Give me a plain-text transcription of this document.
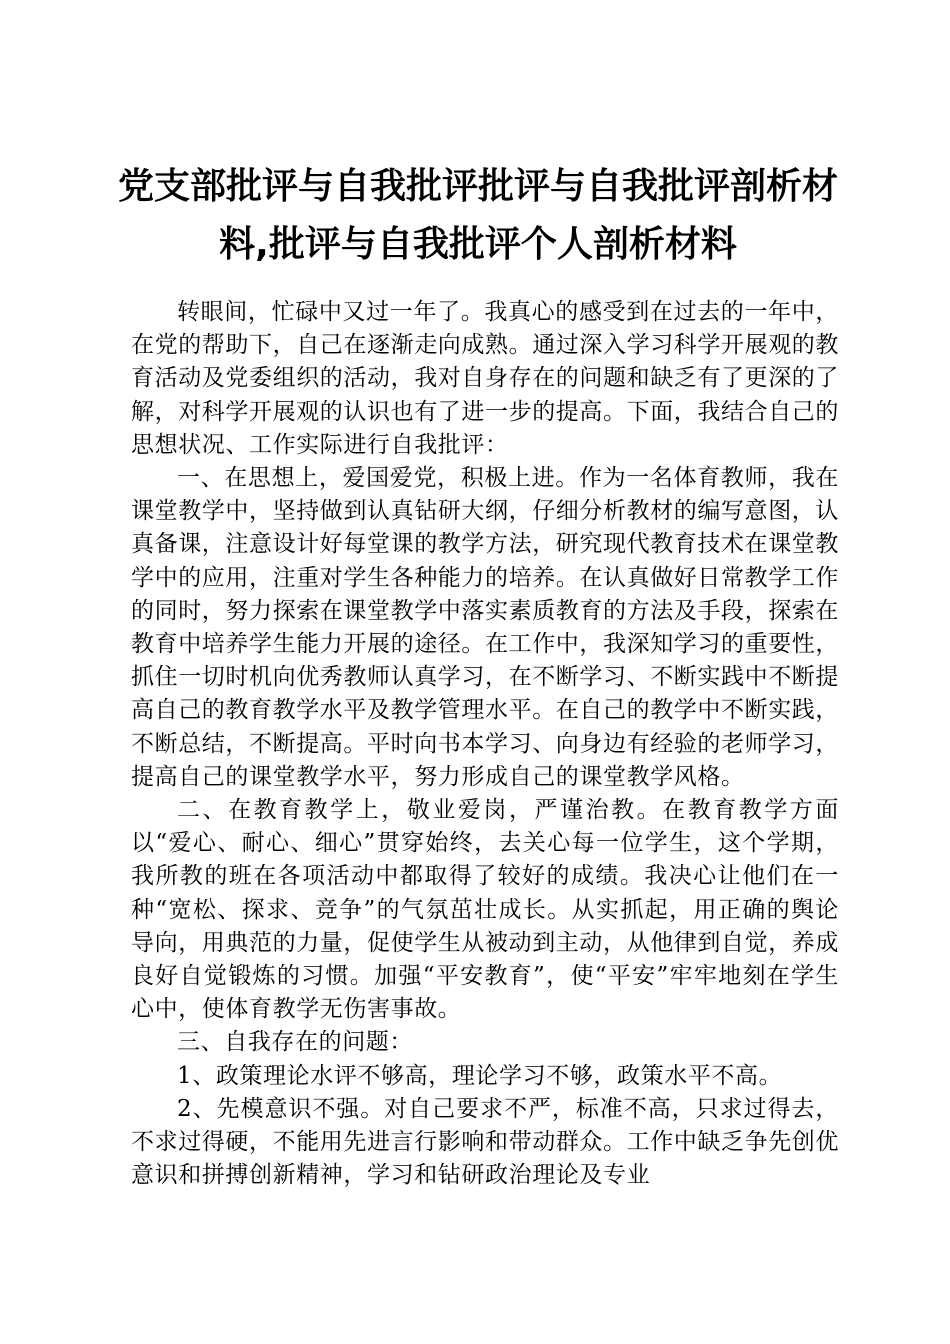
党支部批评与自我批评批评与自我批评剖析材料,批评与自我批评个人剖析材料

转眼间，忙碌中又过一年了。我真心的感受到在过去的一年中，在党的帮助下，自己在逐渐走向成熟。通过深入学习科学开展观的教育活动及党委组织的活动，我对自身存在的问题和缺乏有了更深的了解，对科学开展观的认识也有了进一步的提高。下面，我结合自己的思想状况、工作实际进行自我批评：

一、在思想上，爱国爱党，积极上进。作为一名体育教师，我在课堂教学中，坚持做到认真钻研大纲，仔细分析教材的编写意图，认真备课，注意设计好每堂课的教学方法，研究现代教育技术在课堂教学中的应用，注重对学生各种能力的培养。在认真做好日常教学工作的同时，努力探索在课堂教学中落实素质教育的方法及手段，探索在教育中培养学生能力开展的途径。在工作中，我深知学习的重要性，抓住一切时机向优秀教师认真学习，在不断学习、不断实践中不断提高自己的教育教学水平及教学管理水平。在自己的教学中不断实践，不断总结，不断提高。平时向书本学习、向身边有经验的老师学习，提高自己的课堂教学水平，努力形成自己的课堂教学风格。

二、在教育教学上，敬业爱岗，严谨治教。在教育教学方面以“爱心、耐心、细心”贯穿始终，去关心每一位学生，这个学期，我所教的班在各项活动中都取得了较好的成绩。我决心让他们在一种“宽松、探求、竞争”的气氛茁壮成长。从实抓起，用正确的舆论导向，用典范的力量，促使学生从被动到主动，从他律到自觉，养成良好自觉锻炼的习惯。加强“平安教育”，使“平安”牢牢地刻在学生心中，使体育教学无伤害事故。

三、自我存在的问题：

1、政策理论水评不够高，理论学习不够，政策水平不高。

2、先模意识不强。对自己要求不严，标准不高，只求过得去，不求过得硬，不能用先进言行影响和带动群众。工作中缺乏争先创优意识和拼搏创新精神，学习和钻研政治理论及专业
